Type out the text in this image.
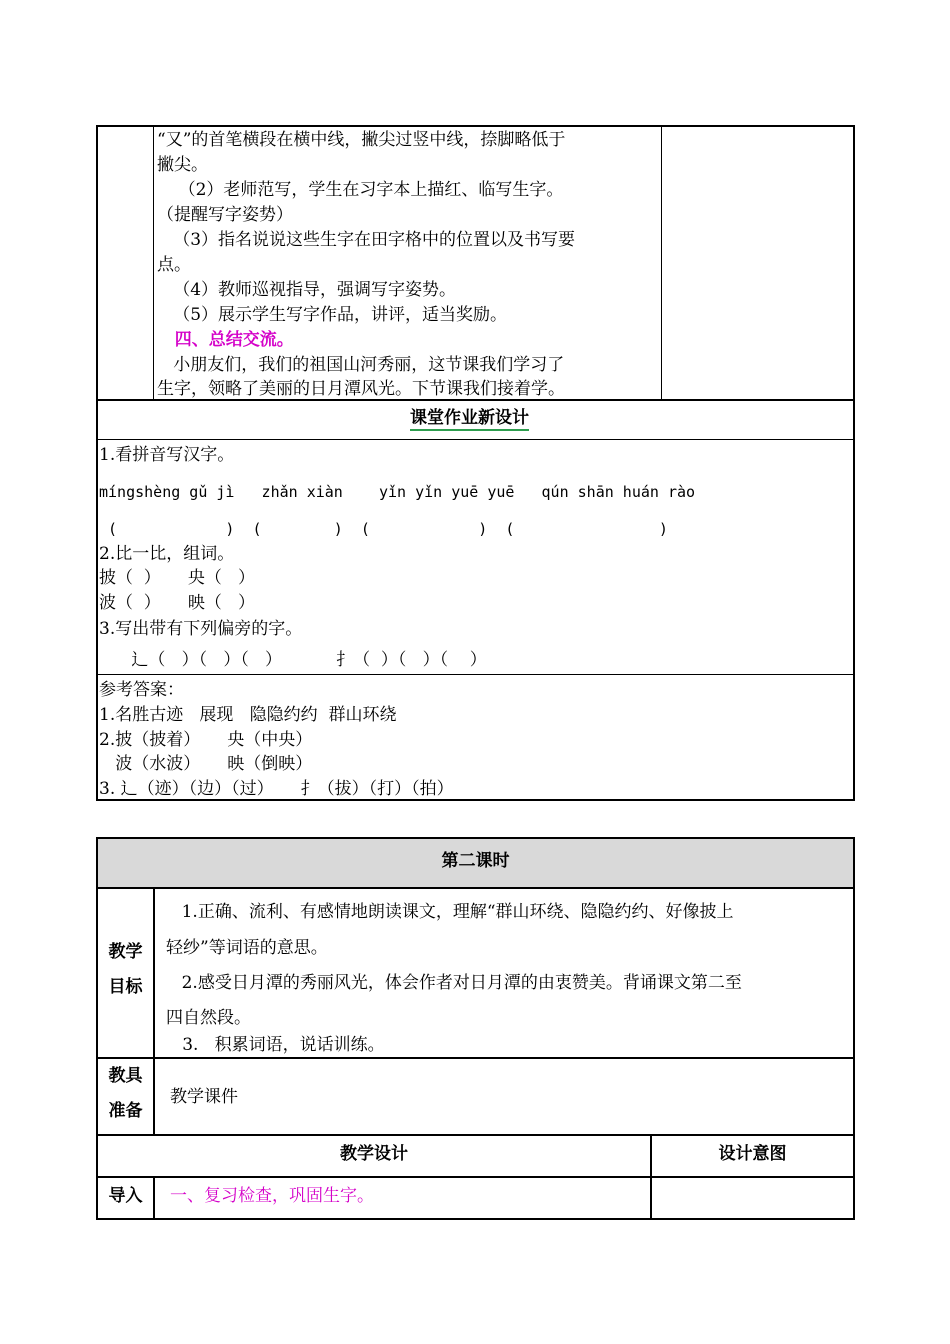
“又”的首笔横段在横中线，撇尖过竖中线，捺脚略低于
撇尖。
（2）老师范写，学生在习字本上描红、临写生字。
（提醒写字姿势）
（3）指名说说这些生字在田字格中的位置以及书写要
点。
（4）教师巡视指导，强调写字姿势。
（5）展示学生写字作品，讲评，适当奖励。
四、总结交流。
小朋友们，我们的祖国山河秀丽，这节课我们学习了
生字，领略了美丽的日月潭风光。下节课我们接着学。
课堂作业新设计
1.看拼音写汉字。
míngshèng gǔ jì   zhǎn xiàn    yǐn yǐn yuē yuē   qún shān huán rào
(            )  (        )  (            )  (                )
2.比一比，组词。
披（  ）     央（   ）
波（  ）     映（   ）
3.写出带有下列偏旁的字。
辶（   ）（   ）（   ）          扌（  ）（   ）（    ）
参考答案：
1.名胜古迹   展现   隐隐约约  群山环绕
2.披（披着）     央（中央）
波（水波）     映（倒映）
3. 辶（迹）（边）（过）     扌（拔）（打）（拍）
第二课时
教学
目标
1.正确、流利、有感情地朗读课文，理解“群山环绕、隐隐约约、好像披上
轻纱”等词语的意思。
2.感受日月潭的秀丽风光，体会作者对日月潭的由衷赞美。背诵课文第二至
四自然段。
3.   积累词语，说话训练。
教具
准备
教学课件
教学设计	设计意图
导入	一、复习检查，巩固生字。
